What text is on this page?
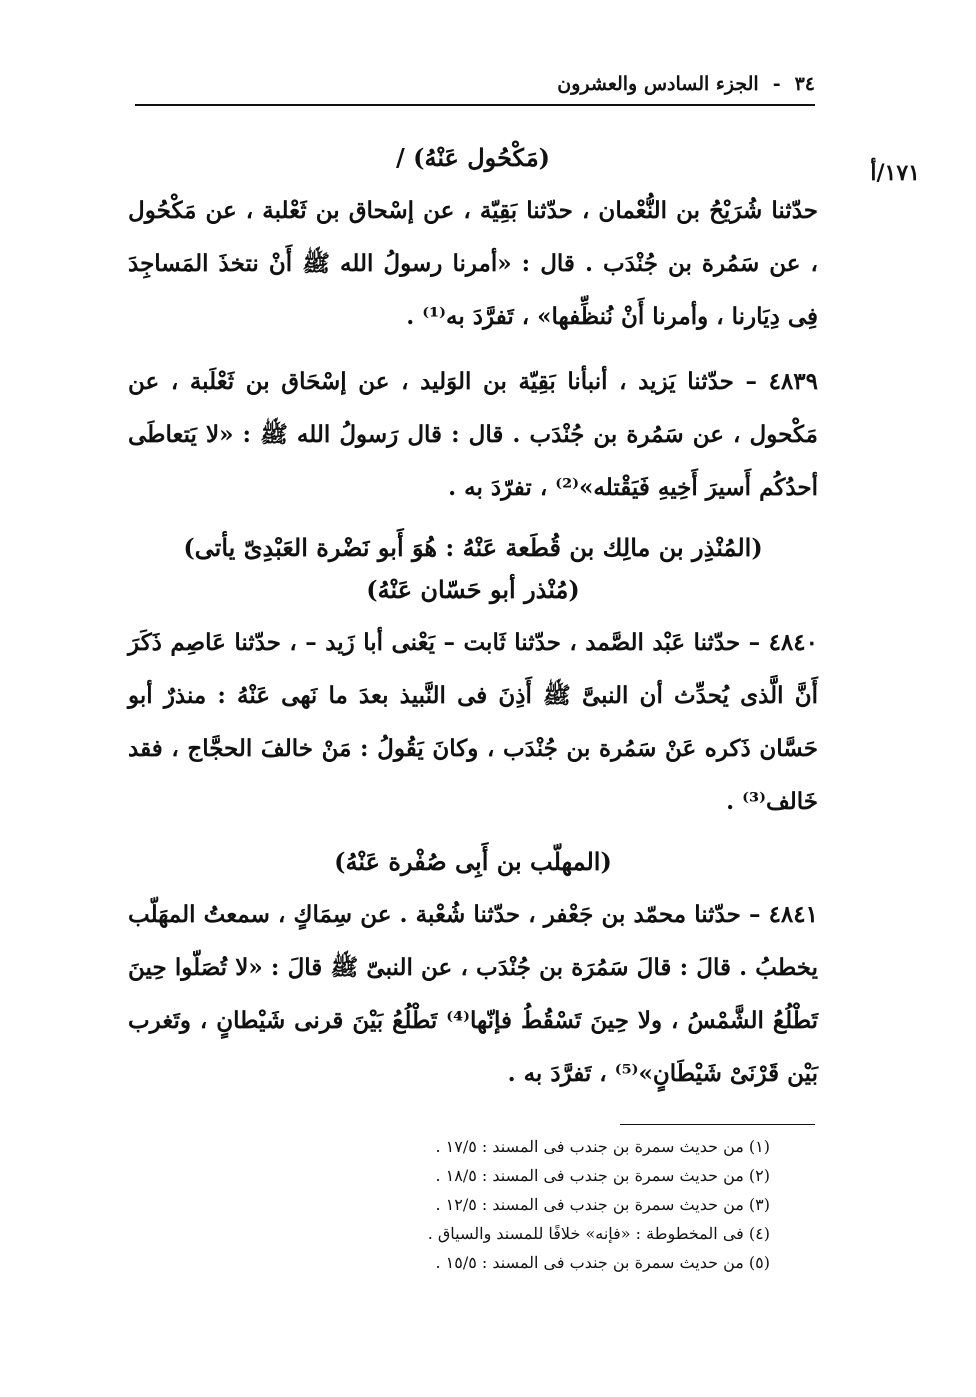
٣٤
-
الجزء السادس والعشرون
١٧١/أ
(مَكْحُول عَنْهُ) /

حدّثنا شُرَيْحُ بن النُّعْمان ، حدّثنا بَقِيّة ، عن إسْحاق بن ثَعْلبة ، عن مَكْحُول ، عن سَمُرة بن جُنْدَب . قال : «أمرنا رسولُ الله ﷺ أَنْ نتخذَ المَساجِدَ فِى دِيَارنا ، وأمرنا أَنْ نُنظِّفها» ، تَفرَّدَ به⁽¹⁾ .

٤٨٣٩ – حدّثنا يَزيد ، أنبأنا بَقِيّة بن الوَليد ، عن إسْحَاق بن ثَعْلَبة ، عن مَكْحول ، عن سَمُرة بن جُنْدَب . قال : قال رَسولُ الله ﷺ : «لا يَتعاطَى أحدُكُم أَسيرَ أَخِيهِ فَيَقْتله»⁽²⁾ ، تفرّدَ به .

(المُنْذِر بن مالِك بن قُطَعة عَنْهُ : هُوَ أَبو نَضْرة العَبْدِىّ يأتى)
(مُنْذر أبو حَسّان عَنْهُ)

٤٨٤٠ – حدّثنا عَبْد الصَّمد ، حدّثنا ثَابت – يَعْنى أبا زَيد – ، حدّثنا عَاصِم ذَكَرَ أَنَّ الَّذى يُحدِّث أن النبىَّ ﷺ أَذِنَ فى النَّبيذ بعدَ ما نَهى عَنْهُ : منذرٌ أبو حَسَّان ذَكره عَنْ سَمُرة بن جُنْدَب ، وكانَ يَقُولُ : مَنْ خالفَ الحجَّاج ، فقد خَالف⁽³⁾ .

(المهلّب بن أَبِى صُفْرة عَنْهُ)

٤٨٤١ – حدّثنا محمّد بن جَعْفر ، حدّثنا شُعْبة . عن سِمَاكٍ ، سمعتُ المهَلّب يخطبُ . قالَ : قالَ سَمُرَة بن جُنْدَب ، عن النبىّ ﷺ قالَ : «لا تُصَلّوا حِينَ تَطْلُعُ الشَّمْسُ ، ولا حِينَ تَسْقُطُ فإنّها⁽⁴⁾ تَطْلُعُ بَيْنَ قرنى شَيْطانٍ ، وتَغرب بَيْن قَرْنَىْ شَيْطَانٍ»⁽⁵⁾ ، تَفرَّدَ به .

(١) من حديث سمرة بن جندب فى المسند : ١٧/٥ .
(٢) من حديث سمرة بن جندب فى المسند : ١٨/٥ .
(٣) من حديث سمرة بن جندب فى المسند : ١٢/٥ .
(٤) فى المخطوطة : «فإنه» خلافًا للمسند والسياق .
(٥) من حديث سمرة بن جندب فى المسند : ١٥/٥ .
